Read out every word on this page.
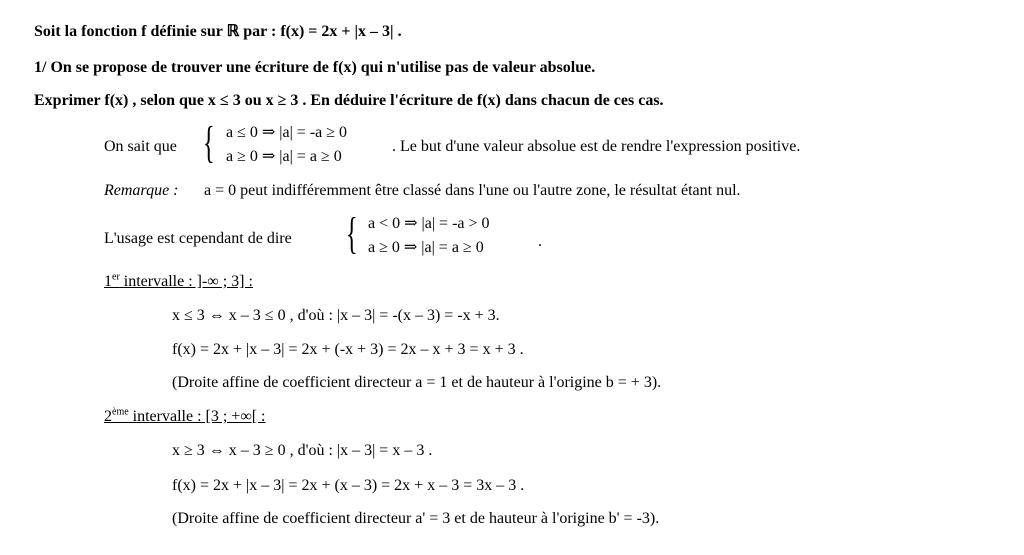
Soit la fonction f définie sur ℝ par : f(x) = 2x + |x – 3| .
1/ On se propose de trouver une écriture de f(x) qui n'utilise pas de valeur absolue.
Exprimer f(x) , selon que x ≤ 3 ou x ≥ 3 . En déduire l'écriture de f(x) dans chacun de ces cas.
On sait que { a ≤ 0 ⇒ |a| = -a ≥ 0
a ≥ 0 ⇒ |a| = a ≥ 0
. Le but d'une valeur absolue est de rendre l'expression positive.
Remarque : a = 0 peut indifféremment être classé dans l'une ou l'autre zone, le résultat étant nul.
L'usage est cependant de dire { a < 0 ⇒ |a| = -a > 0
a ≥ 0 ⇒ |a| = a ≥ 0	.
1er intervalle : ]-∞ ; 3] :
x ≤ 3 ⇔ x – 3 ≤ 0 , d'où : |x – 3| = -(x – 3) = -x + 3.
f(x) = 2x + |x – 3| = 2x + (-x + 3) = 2x – x + 3 = x + 3 .
(Droite affine de coefficient directeur a = 1 et de hauteur à l'origine b = + 3).
2ème intervalle : [3 ; +∞[ :
x ≥ 3 ⇔ x – 3 ≥ 0 , d'où : |x – 3| = x – 3 .
f(x) = 2x + |x – 3| = 2x + (x – 3) = 2x + x – 3 = 3x – 3 .
(Droite affine de coefficient directeur a' = 3 et de hauteur à l'origine b' = -3).
